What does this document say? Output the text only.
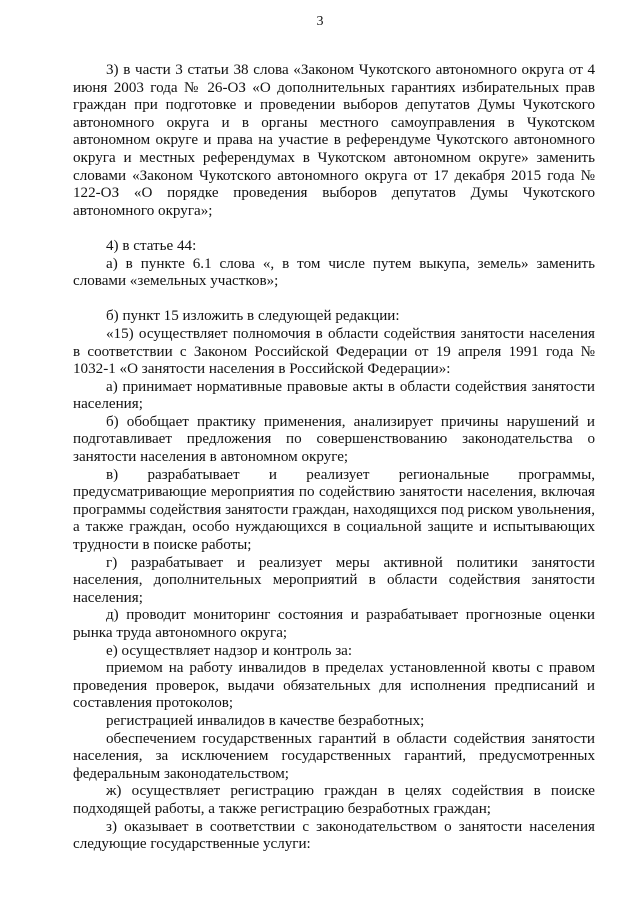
3

3) в части 3 статьи 38 слова «Законом Чукотского автономного округа от 4 июня 2003 года № 26-ОЗ «О дополнительных гарантиях избирательных прав граждан при подготовке и проведении выборов депутатов Думы Чукотского автономного округа и в органы местного самоуправления в Чукотском автономном округе и права на участие в референдуме Чукотского автономного округа и местных референдумах в Чукотском автономном округе» заменить словами «Законом Чукотского автономного округа от 17 декабря 2015 года № 122-ОЗ «О порядке проведения выборов депутатов Думы Чукотского автономного округа»;

4) в статье 44:

а) в пункте 6.1 слова «, в том числе путем выкупа, земель» заменить словами «земельных участков»;

б) пункт 15 изложить в следующей редакции:

«15) осуществляет полномочия в области содействия занятости населения в соответствии с Законом Российской Федерации от 19 апреля 1991 года № 1032-1 «О занятости населения в Российской Федерации»:

а) принимает нормативные правовые акты в области содействия занятости населения;

б) обобщает практику применения, анализирует причины нарушений и подготавливает предложения по совершенствованию законодательства о занятости населения в автономном округе;

в) разрабатывает и реализует региональные программы, предусматривающие мероприятия по содействию занятости населения, включая программы содействия занятости граждан, находящихся под риском увольнения, а также граждан, особо нуждающихся в социальной защите и испытывающих трудности в поиске работы;

г) разрабатывает и реализует меры активной политики занятости населения, дополнительных мероприятий в области содействия занятости населения;

д) проводит мониторинг состояния и разрабатывает прогнозные оценки рынка труда автономного округа;

е) осуществляет надзор и контроль за:

приемом на работу инвалидов в пределах установленной квоты с правом проведения проверок, выдачи обязательных для исполнения предписаний и составления протоколов;

регистрацией инвалидов в качестве безработных;

обеспечением государственных гарантий в области содействия занятости населения, за исключением государственных гарантий, предусмотренных федеральным законодательством;

ж) осуществляет регистрацию граждан в целях содействия в поиске подходящей работы, а также регистрацию безработных граждан;

з) оказывает в соответствии с законодательством о занятости населения следующие государственные услуги:
